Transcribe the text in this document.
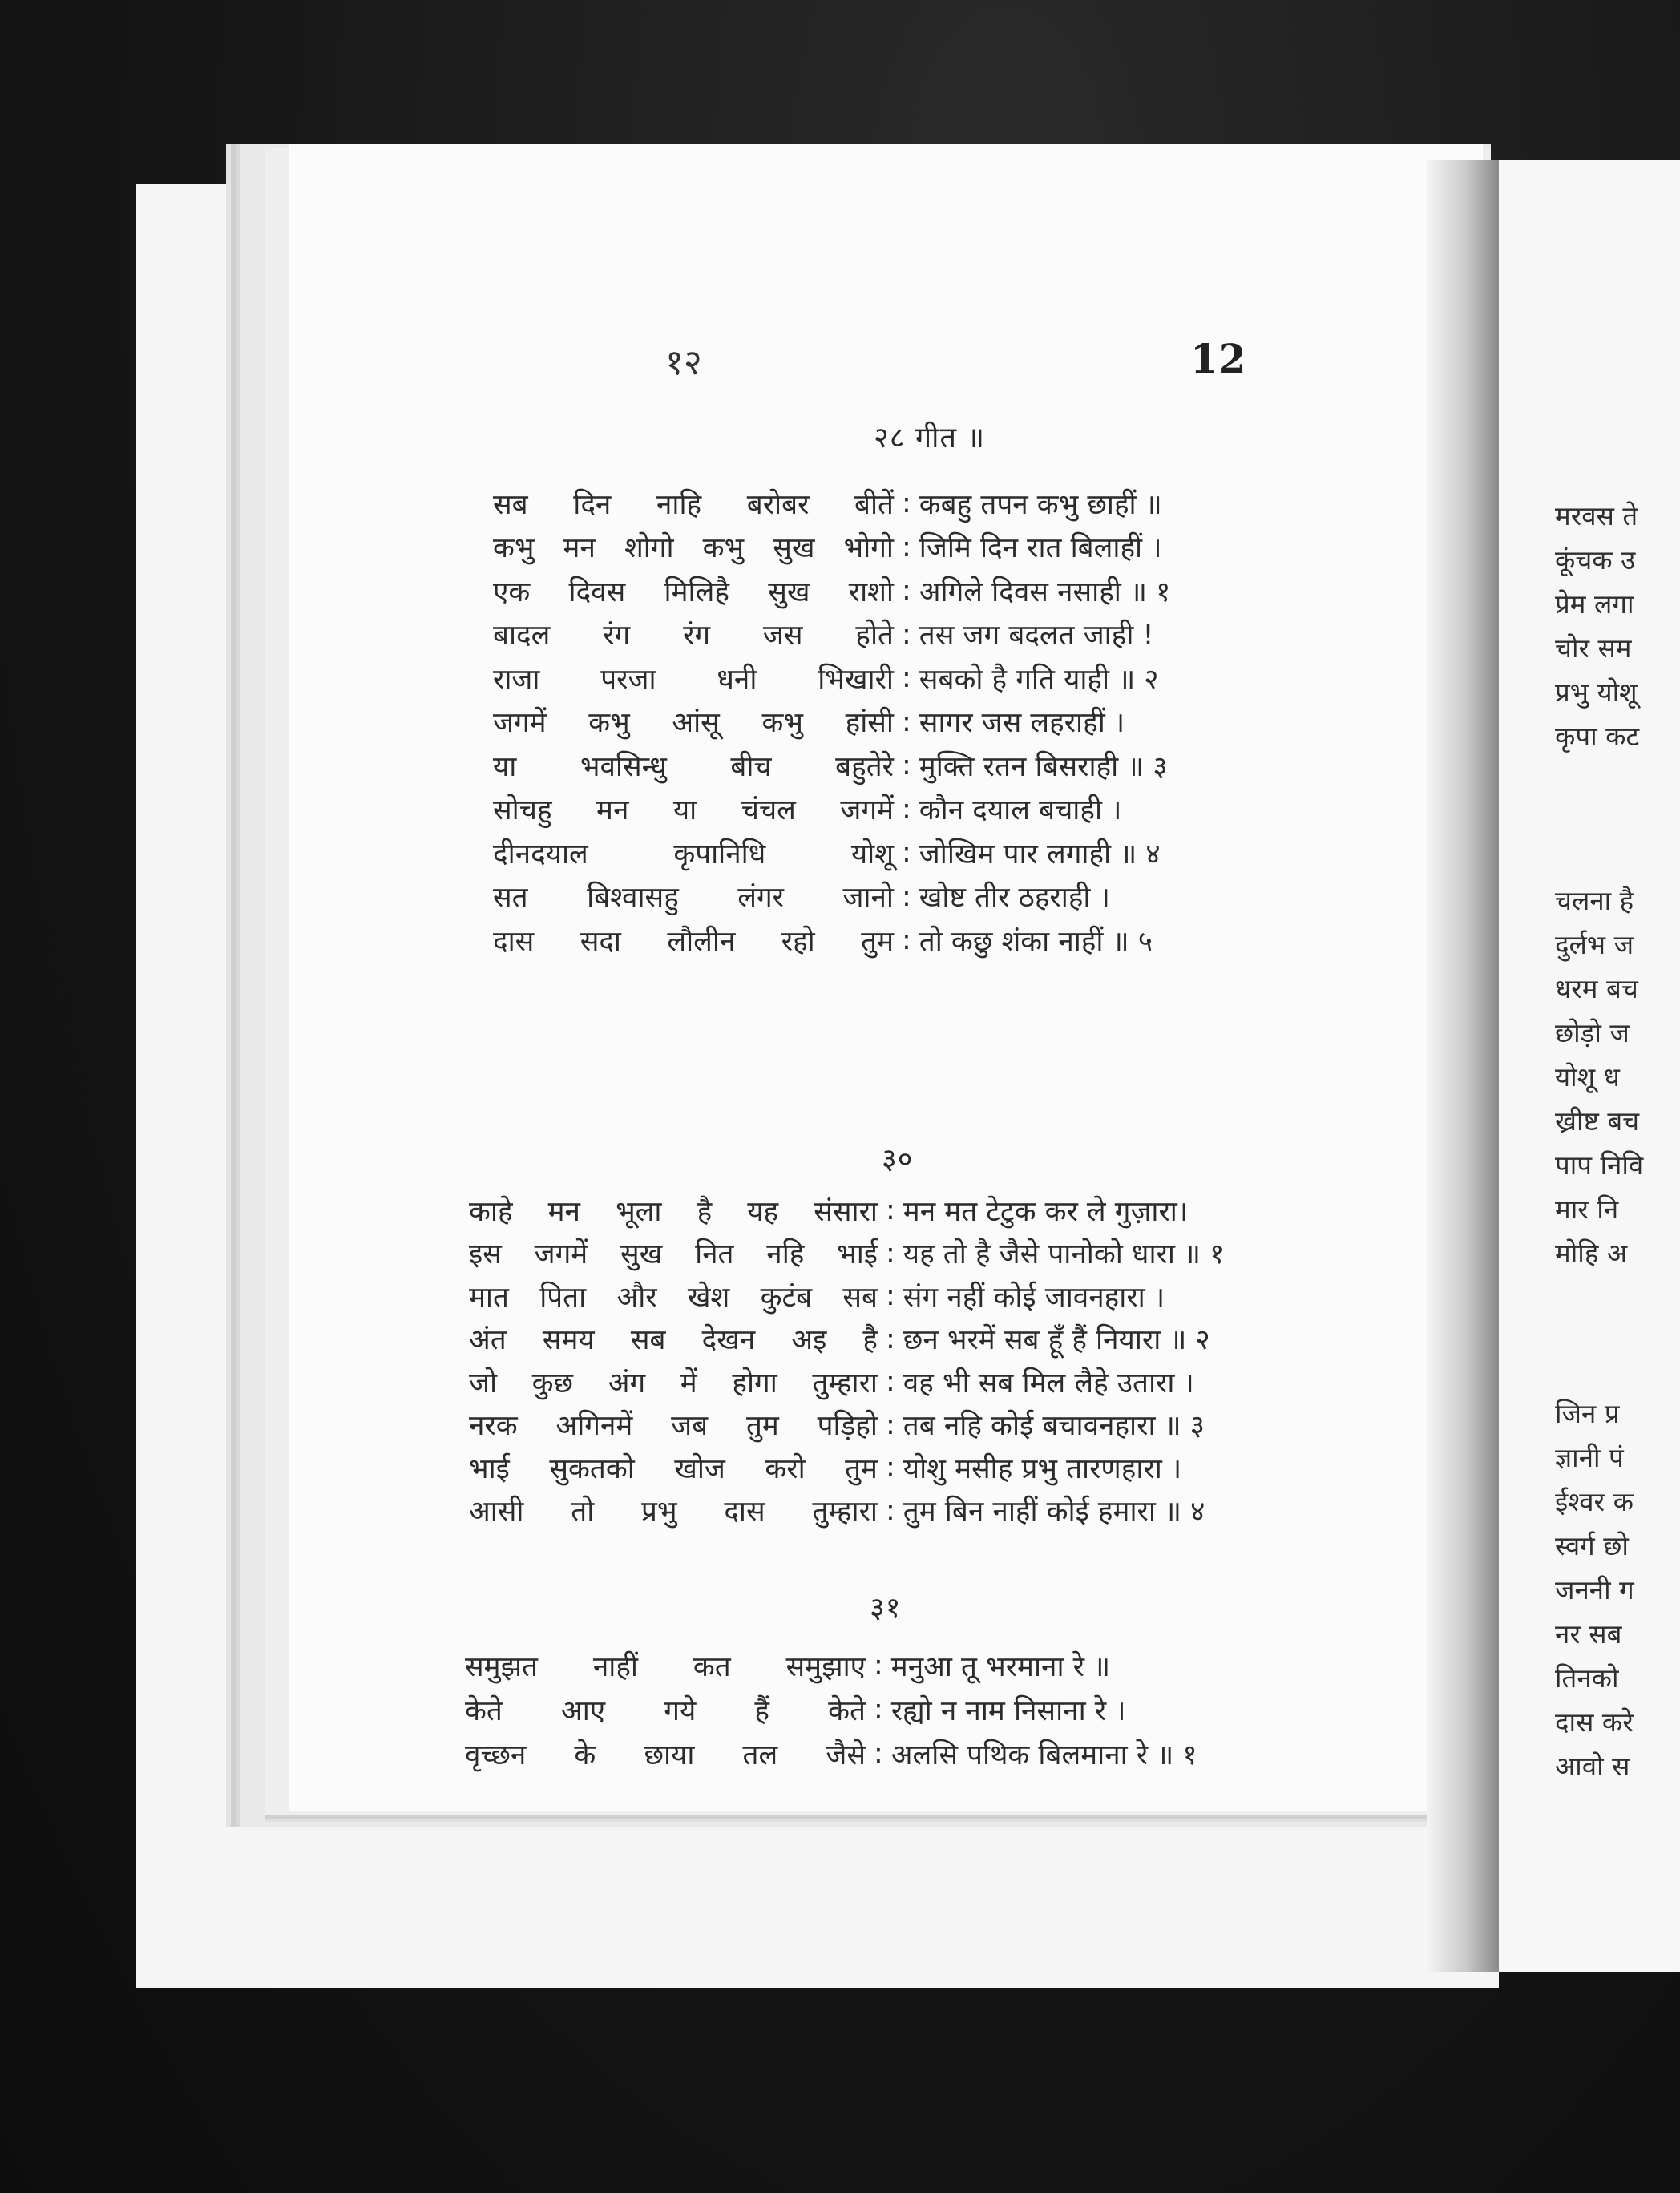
१२	12
२८ गीत ॥
सब दिन नाहि बरोबर बीतें : कबहु तपन कभु छाहीं ॥
कभु मन शोगो कभु सुख भोगो : जिमि दिन रात बिलाहीं ।
एक दिवस मिलिहै सुख राशो : अगिले दिवस नसाही ॥ १
बादल रंग रंग जस होते : तस जग बदलत जाही !
राजा परजा धनी भिखारी : सबको है गति याही ॥ २
जगमें कभु आंसू कभु हांसी : सागर जस लहराहीं ।
या भवसिन्धु बीच बहुतेरे : मुक्ति रतन बिसराही ॥ ३
सोचहु मन या चंचल जगमें : कौन दयाल बचाही ।
दीनदयाल कृपानिधि योशू : जोखिम पार लगाही ॥ ४
सत बिश्वासहु लंगर जानो : खोष्ट तीर ठहराही ।
दास सदा लौलीन रहो तुम : तो कछु शंका नाहीं ॥ ५
३०
काहे मन भूला है यह संसारा : मन मत टेटुक कर ले गुज़ारा।
इस जगमें सुख नित नहि भाई : यह तो है जैसे पानोको धारा ॥ १
मात पिता और खेश कुटंब सब : संग नहीं कोई जावनहारा ।
अंत समय सब देखन अइ है : छन भरमें सब हूँ हैं नियारा ॥ २
जो कुछ अंग में होगा तुम्हारा : वह भी सब मिल लैहे उतारा ।
नरक अगिनमें जब तुम पड़िहो : तब नहि कोई बचावनहारा ॥ ३
भाई सुकतको खोज करो तुम : योशु मसीह प्रभु तारणहारा ।
आसी तो प्रभु दास तुम्हारा : तुम बिन नाहीं कोई हमारा ॥ ४
३१
समुझत नाहीं कत समुझाए : मनुआ तू भरमाना रे ॥
केते आए गये हैं केते : रह्यो न नाम निसाना रे ।
वृच्छन के छाया तल जैसे : अलसि पथिक बिलमाना रे ॥ १
मरवस ते
कूंचक उ
प्रेम लगा
चोर सम
प्रभु योशू
कृपा कट
चलना है
दुर्लभ ज
धरम बच
छोड़ो ज
योशू ध
ख्रीष्ट बच
पाप निवि
मार नि
मोहि अ
जिन प्र
ज्ञानी पं
ईश्वर क
स्वर्ग छो
जननी ग
नर सब
तिनको
दास करे
आवो स
